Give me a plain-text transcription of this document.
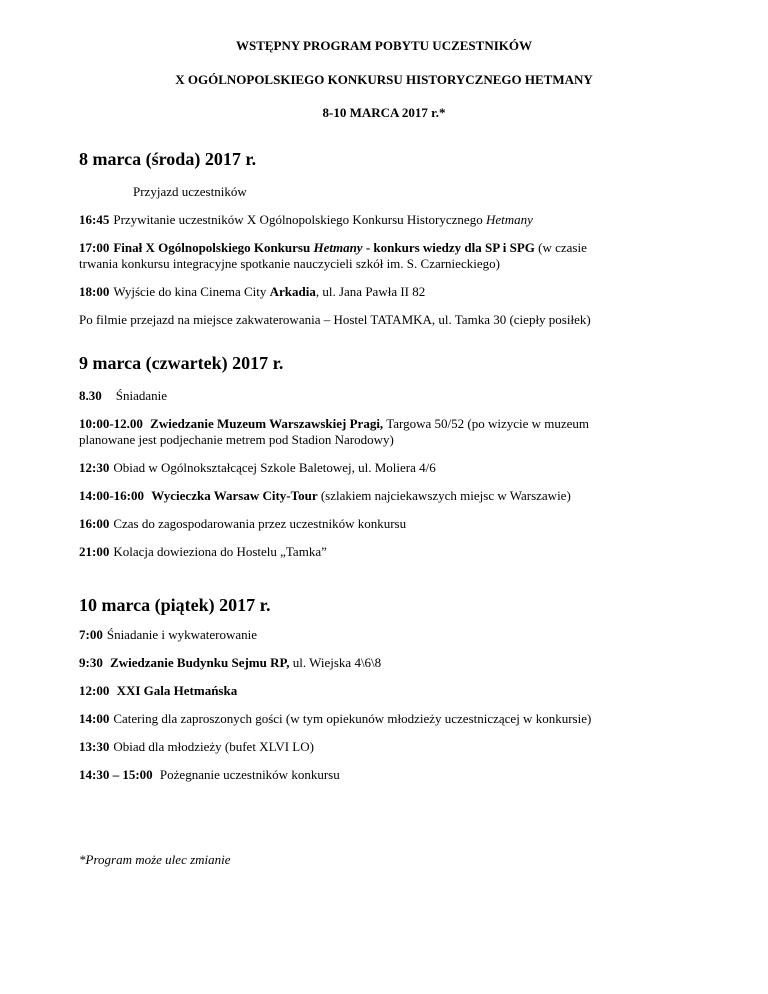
WSTĘPNY PROGRAM POBYTU UCZESTNIKÓW

X OGÓLNOPOLSKIEGO KONKURSU HISTORYCZNEGO HETMANY

8-10 MARCA 2017 r.*

8 marca (środa) 2017 r.

Przyjazd uczestników

16:45 Przywitanie uczestników X Ogólnopolskiego Konkursu Historycznego Hetmany

17:00 Finał X Ogólnopolskiego Konkursu Hetmany - konkurs wiedzy dla SP i SPG (w czasie
trwania konkursu integracyjne spotkanie nauczycieli szkół im. S. Czarnieckiego)

18:00 Wyjście do kina Cinema City Arkadia, ul. Jana Pawła II 82

Po filmie przejazd na miejsce zakwaterowania – Hostel TATAMKA, ul. Tamka 30 (ciepły posiłek)

9 marca (czwartek) 2017 r.

8.30 Śniadanie

10:00-12.00 Zwiedzanie Muzeum Warszawskiej Pragi, Targowa 50/52 (po wizycie w muzeum
planowane jest podjechanie metrem pod Stadion Narodowy)

12:30 Obiad w Ogólnokształcącej Szkole Baletowej, ul. Moliera 4/6

14:00-16:00 Wycieczka Warsaw City-Tour (szlakiem najciekawszych miejsc w Warszawie)

16:00 Czas do zagospodarowania przez uczestników konkursu

21:00 Kolacja dowieziona do Hostelu „Tamka”

10 marca (piątek) 2017 r.

7:00 Śniadanie i wykwaterowanie

9:30 Zwiedzanie Budynku Sejmu RP, ul. Wiejska 4\6\8

12:00 XXI Gala Hetmańska

14:00 Catering dla zaproszonych gości (w tym opiekunów młodzieży uczestniczącej w konkursie)

13:30 Obiad dla młodzieży (bufet XLVI LO)

14:30 – 15:00 Pożegnanie uczestników konkursu

*Program może ulec zmianie
